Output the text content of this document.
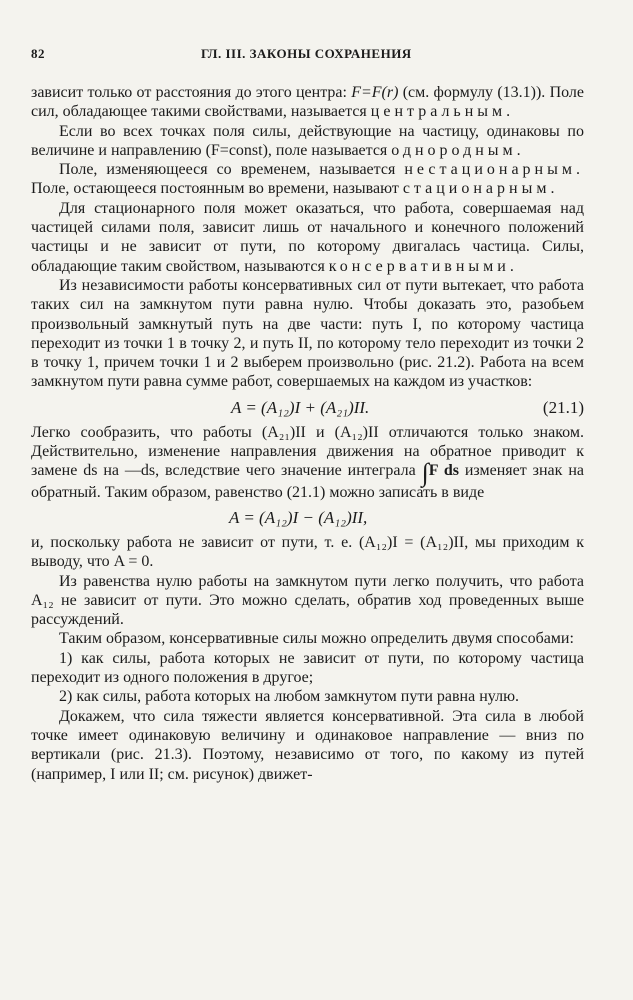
82	ГЛ. III. ЗАКОНЫ СОХРАНЕНИЯ

зависит только от расстояния до этого центра: F=F(r) (см. формулу (13.1)). Поле сил, обладающее такими свойствами, называется центральным.

Если во всех точках поля силы, действующие на частицу, одинаковы по величине и направлению (F=const), поле называется однородным.

Поле, изменяющееся со временем, называется нестационарным. Поле, остающееся постоянным во времени, называют стационарным.

Для стационарного поля может оказаться, что работа, совершаемая над частицей силами поля, зависит лишь от начального и конечного положений частицы и не зависит от пути, по которому двигалась частица. Силы, обладающие таким свойством, называются консервативными.

Из независимости работы консервативных сил от пути вытекает, что работа таких сил на замкнутом пути равна нулю. Чтобы доказать это, разобьем произвольный замкнутый путь на две части: путь I, по которому частица переходит из точки 1 в точку 2, и путь II, по которому тело переходит из точки 2 в точку 1, причем точки 1 и 2 выберем произвольно (рис. 21.2). Работа на всем замкнутом пути равна сумме работ, совершаемых на каждом из участков:

A = (A₁₂)I + (A₂₁)II.	(21.1)

Легко сообразить, что работы (A₂₁)II и (A₁₂)II отличаются только знаком. Действительно, изменение направления движения на обратное приводит к замене ds на —ds, вследствие чего значение интеграла ∫F ds изменяет знак на обратный. Таким образом, равенство (21.1) можно записать в виде

A = (A₁₂)I − (A₁₂)II,

и, поскольку работа не зависит от пути, т. е. (A₁₂)I = (A₁₂)II, мы приходим к выводу, что A = 0.

Из равенства нулю работы на замкнутом пути легко получить, что работа A₁₂ не зависит от пути. Это можно сделать, обратив ход проведенных выше рассуждений.

Таким образом, консервативные силы можно определить двумя способами:

1) как силы, работа которых не зависит от пути, по которому частица переходит из одного положения в другое;

2) как силы, работа которых на любом замкнутом пути равна нулю.

Докажем, что сила тяжести является консервативной. Эта сила в любой точке имеет одинаковую величину и одинаковое направление — вниз по вертикали (рис. 21.3). Поэтому, независимо от того, по какому из путей (например, I или II; см. рисунок) движет-
